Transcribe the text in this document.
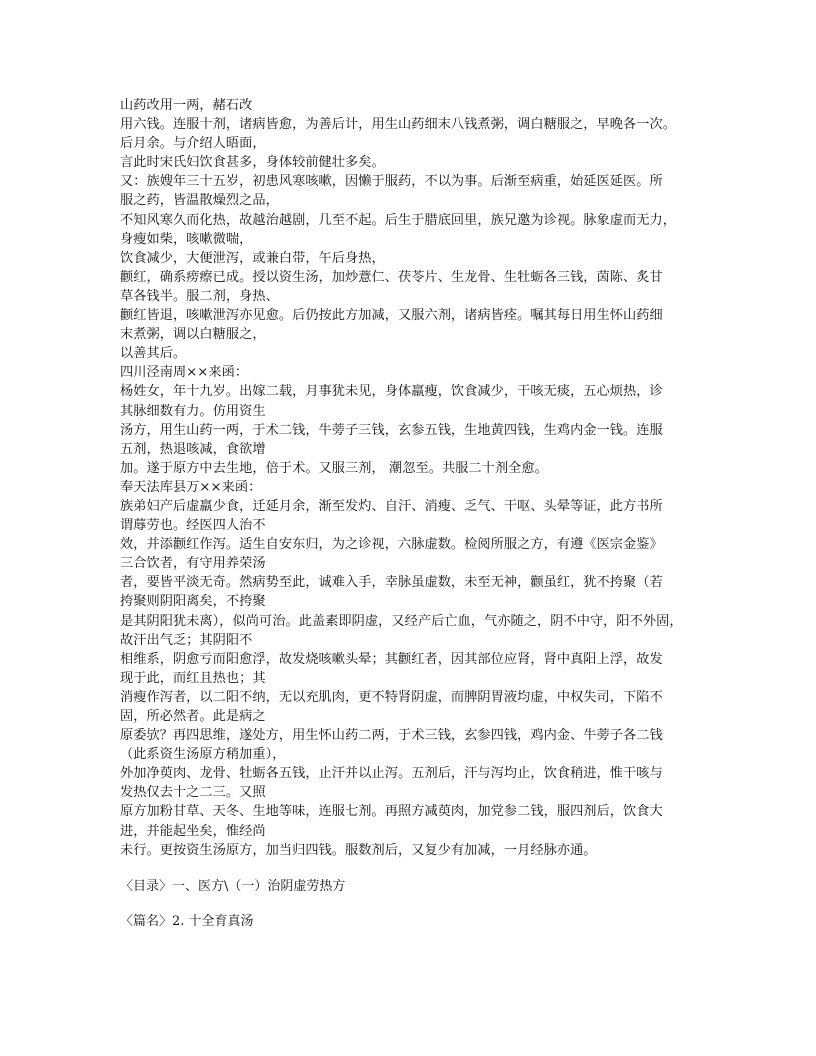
山药改用一两，赭石改
用六钱。连服十剂，诸病皆愈，为善后计，用生山药细末八钱煮粥，调白糖服之，早晚各一次。
后月余。与介绍人晤面，
言此时宋氏妇饮食甚多，身体较前健壮多矣。
又：族嫂年三十五岁，初患风寒咳嗽，因懒于服药，不以为事。后渐至病重，始延医延医。所
服之药，皆温散燥烈之品，
不知风寒久而化热，故越治越剧，几至不起。后生于腊底回里，族兄邀为诊视。脉象虚而无力，
身瘦如柴，咳嗽微喘，
饮食减少，大便泄泻，或兼白带，午后身热，
颧红，确系痨瘵已成。授以资生汤，加炒薏仁、茯苓片、生龙骨、生牡蛎各三钱，茵陈、炙甘
草各钱半。服二剂，身热、
颧红皆退，咳嗽泄泻亦见愈。后仍按此方加减，又服六剂，诸病皆痊。嘱其每日用生怀山药细
末煮粥，调以白糖服之，
以善其后。
四川泾南周××来函：
杨姓女，年十九岁。出嫁二载，月事犹未见，身体羸瘦，饮食减少，干咳无痰，五心烦热，诊
其脉细数有力。仿用资生
汤方，用生山药一两，于术二钱，牛蒡子三钱，玄参五钱，生地黄四钱，生鸡内金一钱。连服
五剂，热退咳减，食欲增
加。遂于原方中去生地，倍于术。又服三剂， 潮忽至。共服二十剂全愈。
奉天法库县万××来函：
族弟妇产后虚羸少食，迁延月余，渐至发灼、自汗、消瘦、乏气、干呕、头晕等证，此方书所
谓蓐劳也。经医四人治不
效，并添颧红作泻。适生自安东归，为之诊视，六脉虚数。检阅所服之方，有遵《医宗金鉴》
三合饮者，有守用养荣汤
者，要皆平淡无奇。然病势至此，诚难入手，幸脉虽虚数，未至无神，颧虽红，犹不挎聚（若
挎聚则阴阳离矣，不挎聚
是其阴阳犹未离），似尚可治。此盖素即阴虚，又经产后亡血，气亦随之，阴不中守，阳不外固，
故汗出气乏；其阴阳不
相维系，阴愈亏而阳愈浮，故发烧咳嗽头晕；其颧红者，因其部位应肾，肾中真阳上浮，故发
现于此，而红且热也；其
消瘦作泻者，以二阳不纳，无以充肌肉，更不特肾阴虚，而脾阴胃液均虚，中权失司，下陷不
固，所必然者。此是病之
原委欤？再四思维，遂处方，用生怀山药二两，于术三钱，玄参四钱，鸡内金、牛蒡子各二钱
（此系资生汤原方稍加重），
外加净萸肉、龙骨、牡蛎各五钱，止汗并以止泻。五剂后，汗与泻均止，饮食稍进，惟干咳与
发热仅去十之二三。又照
原方加粉甘草、天冬、生地等味，连服七剂。再照方减萸肉，加党参二钱，服四剂后，饮食大
进，并能起坐矣，惟经尚
未行。更按资生汤原方，加当归四钱。服数剂后，又复少有加减，一月经脉亦通。
〈目录〉一、医方\（一）治阴虚劳热方
〈篇名〉2. 十全育真汤
